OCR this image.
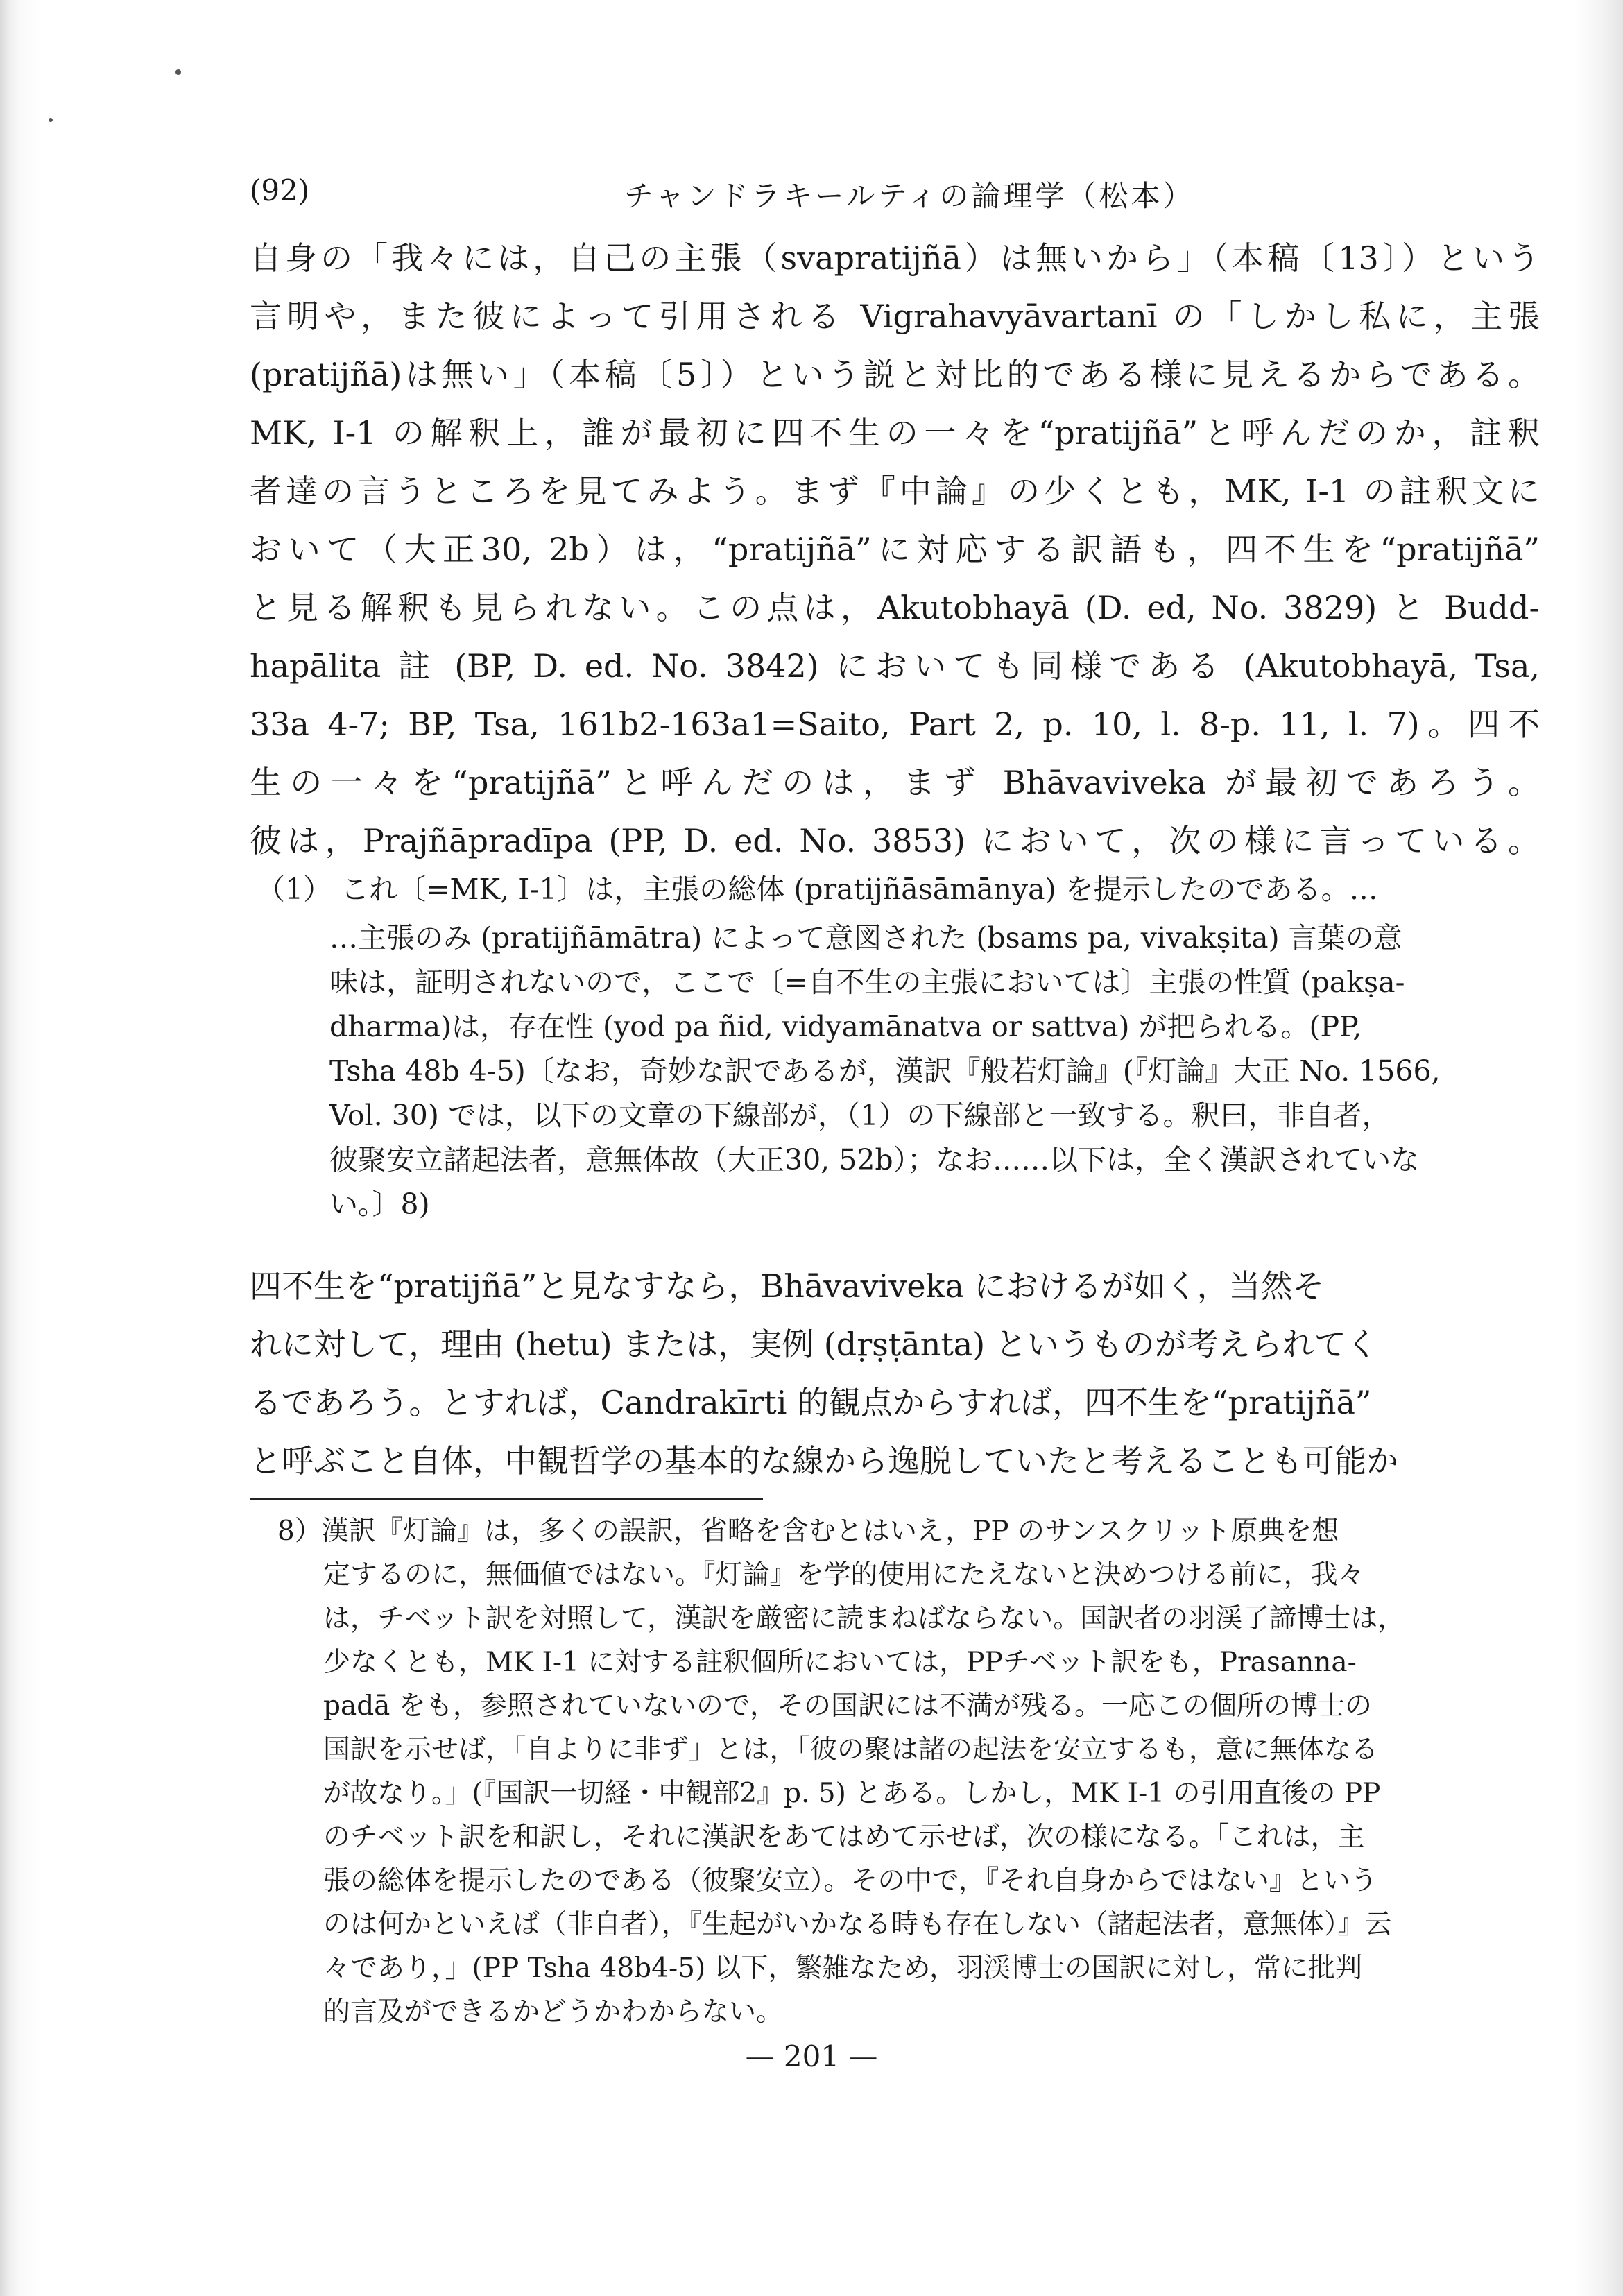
(92)	チャンドラキールティの論理学（松本）
自身の「我々には，自己の主張（svapratijñā）は無いから」（本稿〔13〕）という
言明や，また彼によって引用される Vigrahavyāvartanī の「しかし私に，主張
(pratijñā)は無い」（本稿〔5〕）という説と対比的である様に見えるからである。
MK, I-1 の解釈上，誰が最初に四不生の一々を“pratijñā”と呼んだのか，註釈
者達の言うところを見てみよう。まず『中論』の少くとも，MK, I-1 の註釈文に
おいて（大正30, 2b）は，“pratijñā”に対応する訳語も，四不生を“pratijñā”
と見る解釈も見られない。この点は，Akutobhayā (D. ed, No. 3829) と Budd-
hapālita 註 (BP, D. ed. No. 3842) においても同様である (Akutobhayā, Tsa,
33a 4-7; BP, Tsa, 161b2-163a1=Saito, Part 2, p. 10, l. 8-p. 11, l. 7)。四不
生の一々を“pratijñā”と呼んだのは，まず Bhāvaviveka が最初であろう。
彼は，Prajñāpradīpa (PP, D. ed. No. 3853) において，次の様に言っている。
（1） これ〔=MK, I-1〕は，主張の総体 (pratijñāsāmānya) を提示したのである。…
…主張のみ (pratijñāmātra) によって意図された (bsams pa, vivakṣita) 言葉の意
味は，証明されないので，ここで〔=自不生の主張においては〕主張の性質 (pakṣa-
dharma)は，存在性 (yod pa ñid, vidyamānatva or sattva) が把られる。(PP,
Tsha 48b 4-5)〔なお，奇妙な訳であるが，漢訳『般若灯論』(『灯論』大正 No. 1566,
Vol. 30) では，以下の文章の下線部が，（1）の下線部と一致する。釈曰，非自者，
彼聚安立諸起法者，意無体故（大正30, 52b）；なお……以下は，全く漢訳されていな
い。〕8)
四不生を“pratijñā”と見なすなら，Bhāvaviveka におけるが如く，当然そ
れに対して，理由 (hetu) または，実例 (dṛṣṭānta) というものが考えられてく
るであろう。とすれば，Candrakīrti 的観点からすれば，四不生を“pratijñā”
と呼ぶこと自体，中観哲学の基本的な線から逸脱していたと考えることも可能か
8）漢訳『灯論』は，多くの誤訳，省略を含むとはいえ，PP のサンスクリット原典を想
定するのに，無価値ではない。『灯論』を学的使用にたえないと決めつける前に，我々
は，チベット訳を対照して，漢訳を厳密に読まねばならない。国訳者の羽渓了諦博士は，
少なくとも，MK I-1 に対する註釈個所においては，PPチベット訳をも，Prasanna-
padā をも，参照されていないので，その国訳には不満が残る。一応この個所の博士の
国訳を示せば，「自よりに非ず」とは，「彼の聚は諸の起法を安立するも，意に無体なる
が故なり。」(『国訳一切経・中観部2』p. 5) とある。しかし，MK I-1 の引用直後の PP
のチベット訳を和訳し，それに漢訳をあてはめて示せば，次の様になる。「これは，主
張の総体を提示したのである（彼聚安立）。その中で，『それ自身からではない』という
のは何かといえば（非自者），『生起がいかなる時も存在しない（諸起法者，意無体）』云
々であり，」(PP Tsha 48b4-5) 以下，繁雑なため，羽渓博士の国訳に対し，常に批判
的言及ができるかどうかわからない。
— 201 —
